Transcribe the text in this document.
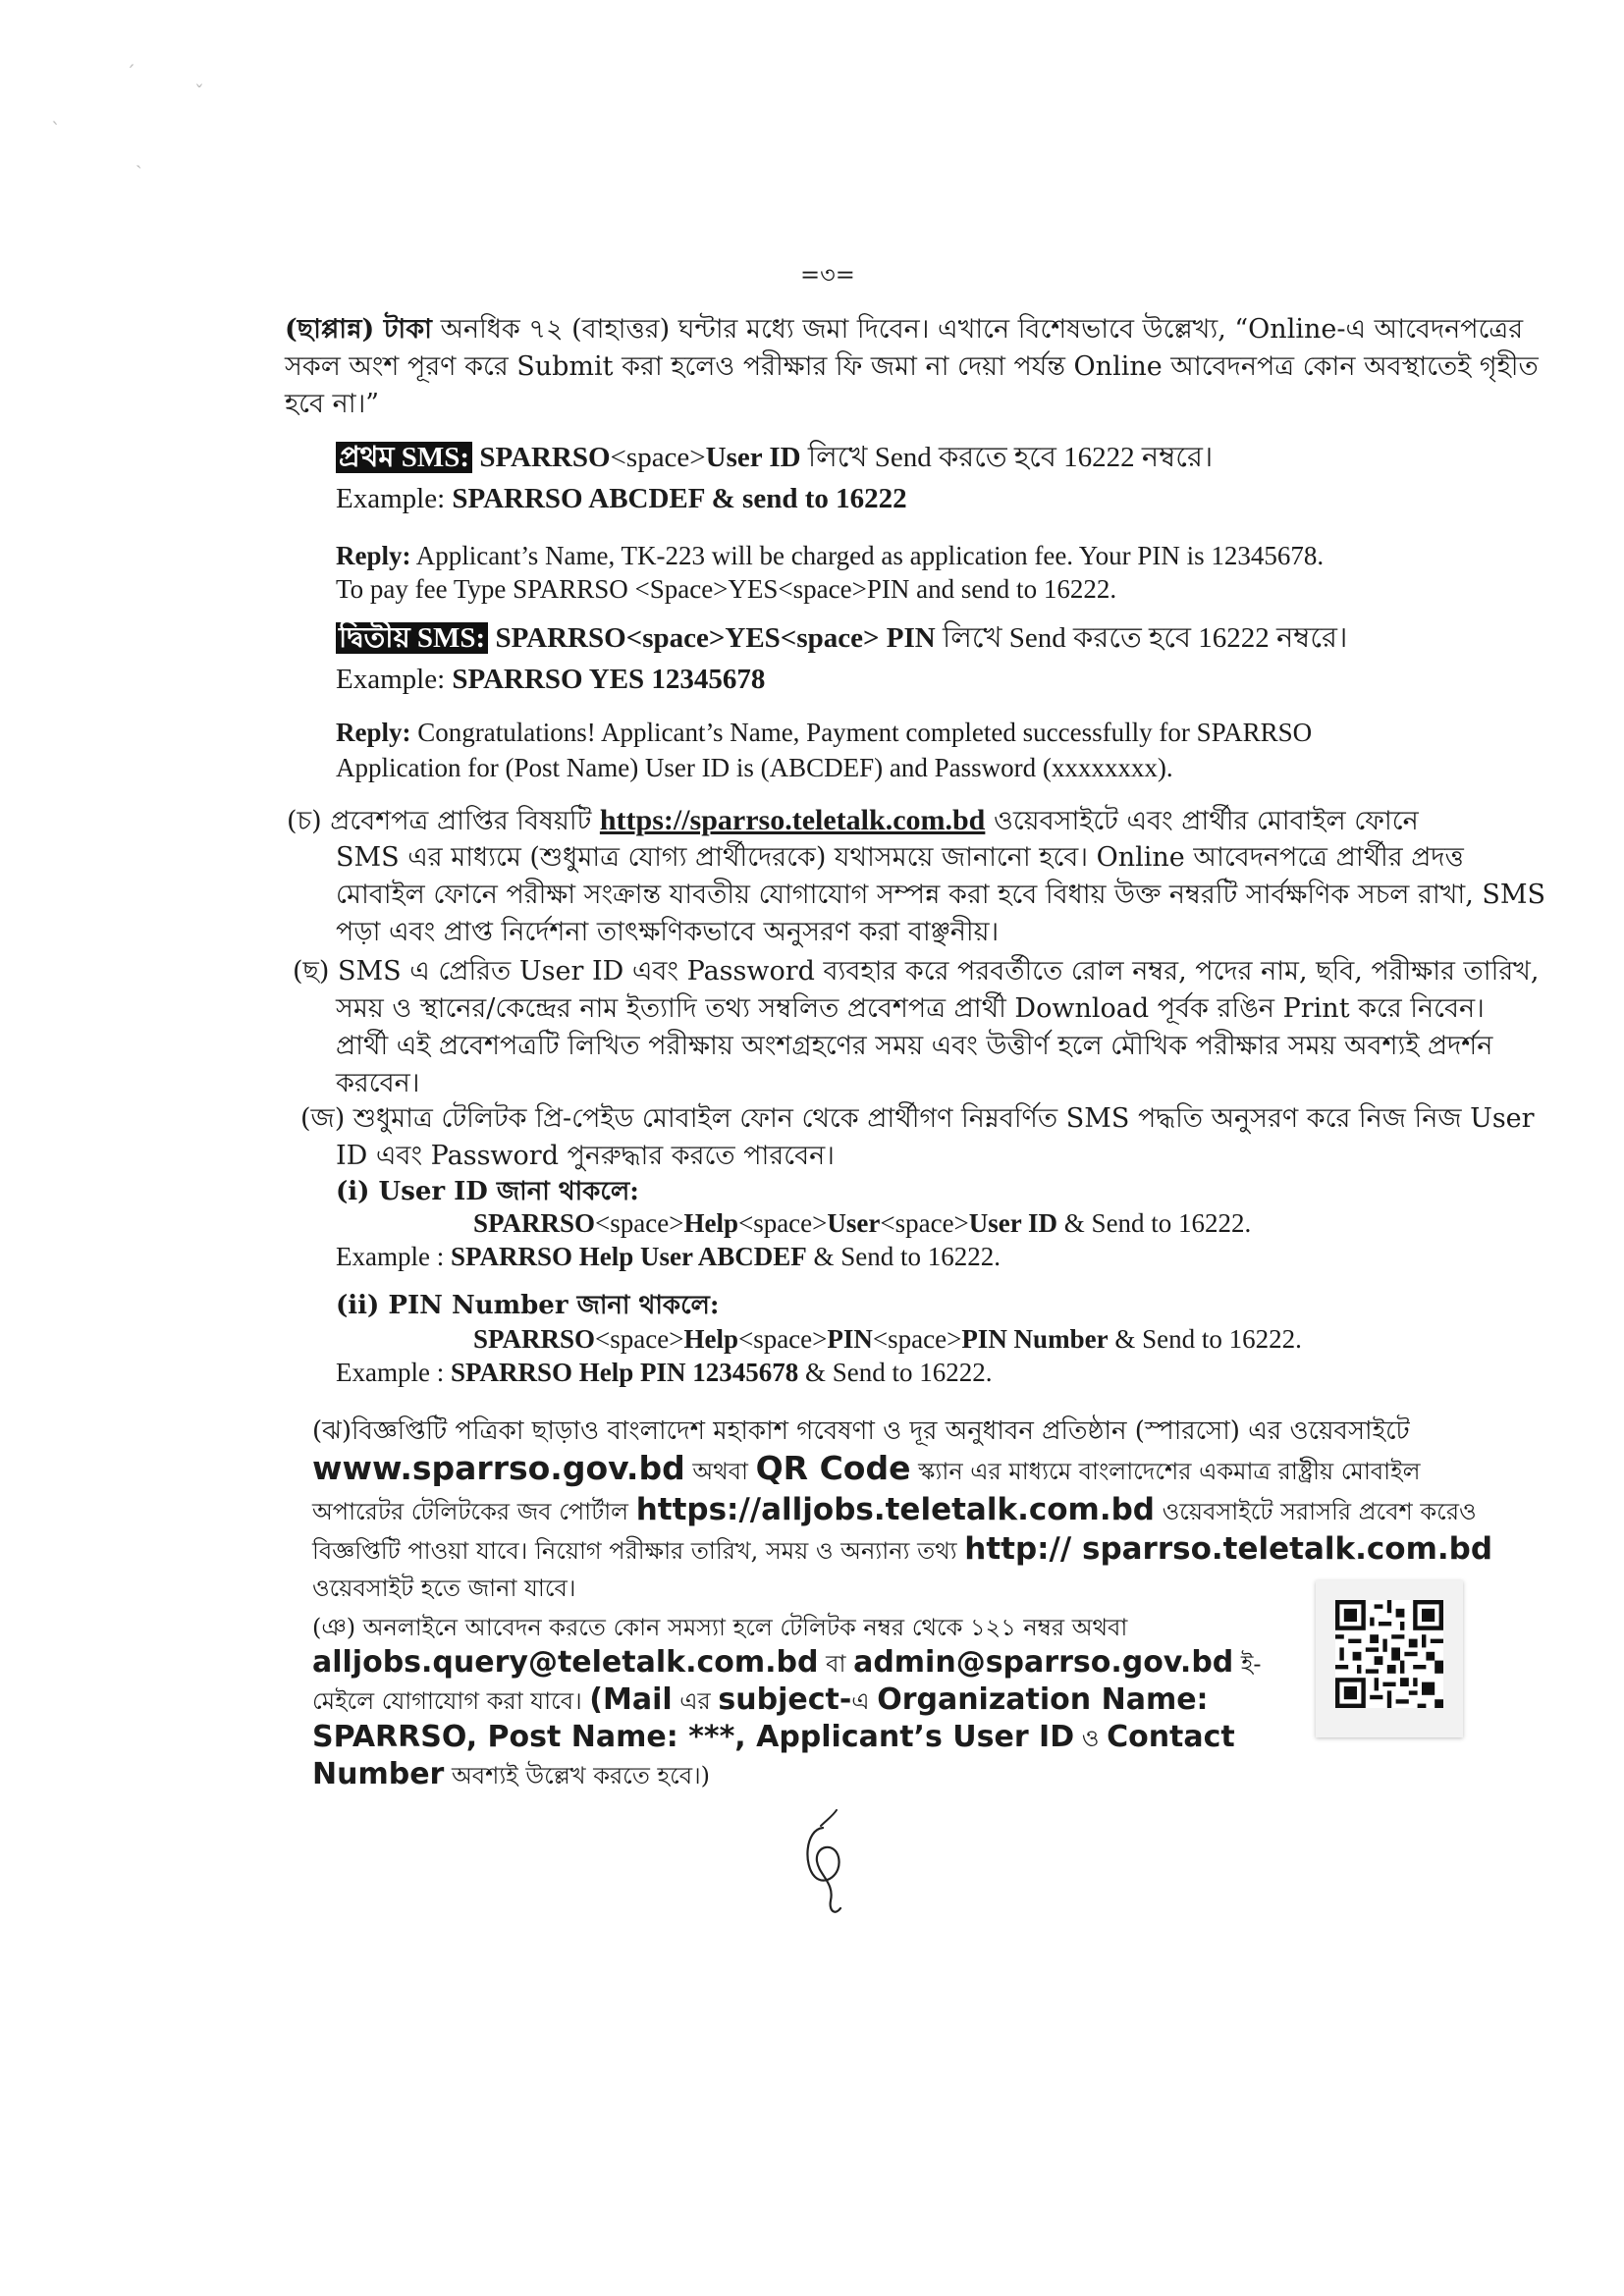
ˊ
ˇ
ˋ
ˏ
=৩=
(ছাপ্পান্ন) টাকা অনধিক ৭২ (বাহাত্তর) ঘন্টার মধ্যে জমা দিবেন। এখানে বিশেষভাবে উল্লেখ্য, “Online-এ আবেদনপত্রের
সকল অংশ পূরণ করে Submit করা হলেও পরীক্ষার ফি জমা না দেয়া পর্যন্ত Online আবেদনপত্র কোন অবস্থাতেই গৃহীত
হবে না।”
প্রথম SMS: SPARRSO<space>User ID লিখে Send করতে হবে 16222 নম্বরে।
Example: SPARRSO ABCDEF & send to 16222
Reply: Applicant’s Name, TK-223 will be charged as application fee. Your PIN is 12345678.
To pay fee Type SPARRSO <Space>YES<space>PIN and send to 16222.
দ্বিতীয় SMS: SPARRSO<space>YES<space> PIN লিখে Send করতে হবে 16222 নম্বরে।
Example: SPARRSO YES 12345678
Reply: Congratulations! Applicant’s Name, Payment completed successfully for SPARRSO
Application for (Post Name) User ID is (ABCDEF) and Password (xxxxxxxx).
(চ) প্রবেশপত্র প্রাপ্তির বিষয়টি https://sparrso.teletalk.com.bd ওয়েবসাইটে এবং প্রার্থীর মোবাইল ফোনে
SMS এর মাধ্যমে (শুধুমাত্র যোগ্য প্রার্থীদেরকে) যথাসময়ে জানানো হবে। Online আবেদনপত্রে প্রার্থীর প্রদত্ত
মোবাইল ফোনে পরীক্ষা সংক্রান্ত যাবতীয় যোগাযোগ সম্পন্ন করা হবে বিধায় উক্ত নম্বরটি সার্বক্ষণিক সচল রাখা, SMS
পড়া এবং প্রাপ্ত নির্দেশনা তাৎক্ষণিকভাবে অনুসরণ করা বাঞ্ছনীয়।
(ছ) SMS এ প্রেরিত User ID এবং Password ব্যবহার করে পরবর্তীতে রোল নম্বর, পদের নাম, ছবি, পরীক্ষার তারিখ,
সময় ও স্থানের/কেন্দ্রের নাম ইত্যাদি তথ্য সম্বলিত প্রবেশপত্র প্রার্থী Download পূর্বক রঙিন Print করে নিবেন।
প্রার্থী এই প্রবেশপত্রটি লিখিত পরীক্ষায় অংশগ্রহণের সময় এবং উত্তীর্ণ হলে মৌখিক পরীক্ষার সময় অবশ্যই প্রদর্শন
করবেন।
(জ) শুধুমাত্র টেলিটক প্রি-পেইড মোবাইল ফোন থেকে প্রার্থীগণ নিম্নবর্ণিত SMS পদ্ধতি অনুসরণ করে নিজ নিজ User
ID এবং Password পুনরুদ্ধার করতে পারবেন।
(i) User ID জানা থাকলে:
SPARRSO<space>Help<space>User<space>User ID & Send to 16222.
Example : SPARRSO Help User ABCDEF & Send to 16222.
(ii) PIN Number জানা থাকলে:
SPARRSO<space>Help<space>PIN<space>PIN Number & Send to 16222.
Example : SPARRSO Help PIN 12345678 & Send to 16222.
(ঝ)বিজ্ঞপ্তিটি পত্রিকা ছাড়াও বাংলাদেশ মহাকাশ গবেষণা ও দূর অনুধাবন প্রতিষ্ঠান (স্পারসো) এর ওয়েবসাইটে
www.sparrso.gov.bd অথবা QR Code স্ক্যান এর মাধ্যমে বাংলাদেশের একমাত্র রাষ্ট্রীয় মোবাইল
অপারেটর টেলিটকের জব পোর্টাল https://alljobs.teletalk.com.bd ওয়েবসাইটে সরাসরি প্রবেশ করেও
বিজ্ঞপ্তিটি পাওয়া যাবে। নিয়োগ পরীক্ষার তারিখ, সময় ও অন্যান্য তথ্য http:// sparrso.teletalk.com.bd
ওয়েবসাইট হতে জানা যাবে।
(ঞ) অনলাইনে আবেদন করতে কোন সমস্যা হলে টেলিটক নম্বর থেকে ১২১ নম্বর অথবা
alljobs.query@teletalk.com.bd বা admin@sparrso.gov.bd ই-
মেইলে যোগাযোগ করা যাবে। (Mail এর subject-এ Organization Name:
SPARRSO, Post Name: ***, Applicant’s User ID ও Contact
Number অবশ্যই উল্লেখ করতে হবে।)
